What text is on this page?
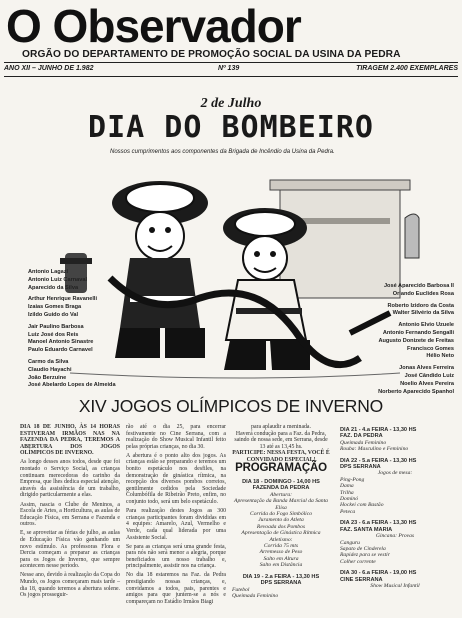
O Observador
ORGÃO DO DEPARTAMENTO DE PROMOÇÃO SOCIAL DA USINA DA PEDRA
ANO XII – JUNHO DE 1.982	Nº 139	TIRAGEM 2.400 EXEMPLARES
2 de Julho
DIA DO BOMBEIRO
Nossos cumprimentos aos componentes da Brigada de Incêndio da Usina da Pedra.
Antonio Lagazi
Antonio Luiz Carnaval
Aparecido da Silva
Arthur Henrique Ravanelli
Izaias Gomes Braga
Izildo Guido do Val
Jair Paulino Barbosa
Luiz José dos Reis
Manoel Antonio Sinastre
Paulo Eduardo Carnavel
Carmo da Silva
Claudio Hayachi
João Berzuine
José Abelardo Lopes de Almeida
José Aparecido Barbosa II
Orlando Euclides Rosa
Roberto Izidoro da Costa
Walter Silvério da Silva
Antonio Elvio Uzuele
Antonio Fernando Sengalli
Augusto Donizete de Freitas
Francisco Gomes
Hélio Neto
Jonas Alves Ferreira
José Cândido Luiz
Noelio Alves Pereira
Norberto Aparecido Spanhol
XIV JOGOS OLÍMPICOS DE INVERNO

DIA 18 DE JUNHO, ÀS 14 HORAS ESTIVERAM IRMÃOS NAS NA FAZENDA DA PEDRA, TEREMOS A ABERTURA DOS JOGOS OLÍMPICOS DE INVERNO.

As longo desses anos todos, desde que foi montado o Serviço Social, as crianças continuam merecedoras do carinho da Empresa, que lhes dedica especial atenção, através da assistência de um trabalho, dirigido particularmente a elas.

Assim, nascia o Clube de Meninos, a Escola de Artes, a Horticultura, as aulas de Educação Física, em Serrana e Fazenda e outros.

E, se aproveitar as férias de julho, as aulas de Educação Física vão ganhando um novo estímulo. As professoras Flora e Dercia começam a preparar as crianças para os Jogos de Inverno, que sempre acontecem nesse período.

Nesse ano, devido à realização da Copa do Mundo, os Jogos começaram mais tarde – dia 18, quando teremos a abertura solene. Os jogos prosseguir-

rão até o dia 25, para encerrar festivamente no Cine Serrana, com a realização do Show Musical Infantil feito pelas próprias crianças, no dia 30.

A abertura é o ponto alto dos jogos. As crianças estão se preparando e teremos um bonito espetáculo nos desfiles, na demonstração de ginástica rítmica, na recepção dos diversos pombos correios, gentilmente cedidos pela Sociedade Columbófila de Ribeirão Preto, enfim, no conjunto todo, será um belo espetáculo.

Para realização destes Jogos as 300 crianças participantes foram divididas em 4 equipes: Amarelo, Azul, Vermelho e Verde, cada qual liderada por uma Assistente Social.

Se para as crianças será uma grande festa, para nós não será menor a alegria, porque beneficiados um nosso trabalho e, principalmente, assistir nos na criança.

No dia 18 estaremos na Faz. da Pedra prestigiando nossas crianças, e, convidamos a todos, pais, parentes e amigos para que juntem-se a nós e compareçam no Estádio Irmãos Biagi

para aplaudir a meninada.
Haverá condução para a Faz. da Pedra, saindo de nossa sede, em Serrana, desde 13 até as 13,45 hs.
PARTICIPE: NESSA FESTA, VOCÊ É CONVIDADO ESPECIAL!
PROGRAMAÇÃO
DIA 18 - DOMINGO - 14,00 HS
FAZENDA DA PEDRA
Abertura:
Apresentação da Banda Marcial da Santa Elisa
Corrida do Fogo Simbólico
Juramento do Atleta
Revoada dos Pombos
Apresentação de Ginástica Rítmica
Atletismo:
Corrida 75 mts
Arremesso de Peso
Salto em Altura
Salto em Distância
DIA 19 - 2.a FEIRA - 13,30 HS
DPS SERRANA
Futebol
Queimada Feminino
DIA 21 - 4.a FEIRA - 13,30 HS
FAZ. DA PEDRA
Queimada Feminino
Rouba: Masculino e Feminino
DIA 22 - 5.a FEIRA - 13,30 HS
DPS SERRANA
Jogos de mesa:
Ping-Pong
Dama
Trilha
Dominó
Hockei com Bastão
Peteca
DIA 23 - 6.a FEIRA - 13,30 HS
FAZ. SANTA MARIA
Gincana: Provas
Canguru
Sapato de Cinderela
Rapidez para se vestir
Colher corrente
DIA 30 - 6.a FEIRA - 19,00 HS
CINE SERRANA
Show Musical Infantil
